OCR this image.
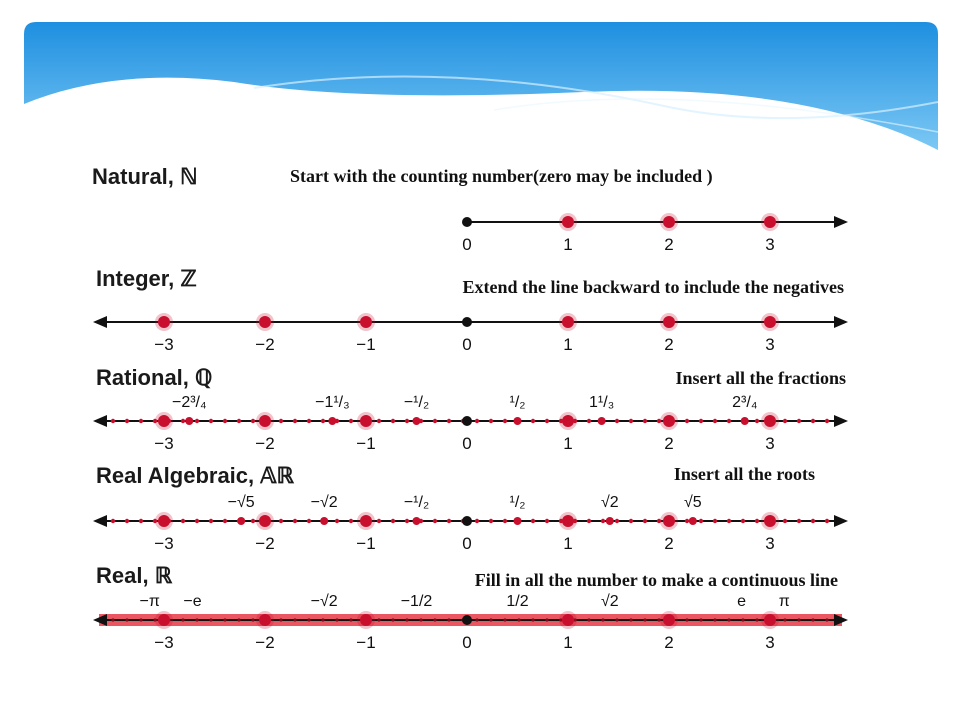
Natural, ℕ	Start with the counting number(zero may be included )
0	1	2	3
Integer, ℤ	Extend the line backward to include the negatives
−3	−2	−1	0	1	2	3
Rational, ℚ	Insert all the fractions
−3	−2	−1	0	1	2	3
−2³/₄	−1¹/₃	−¹/₂	¹/₂	1¹/₃	2³/₄
Real Algebraic, 𝔸ℝ	Insert all the roots
−3	−2	−1	0	1	2	3
−√5	−√2	−¹/₂	¹/₂	√2	√5
Real, ℝ	Fill in all the number to make a continuous line
−3	−2	−1	0	1	2	3
−π −e	−√2	−1/2	1/2	√2	e π
